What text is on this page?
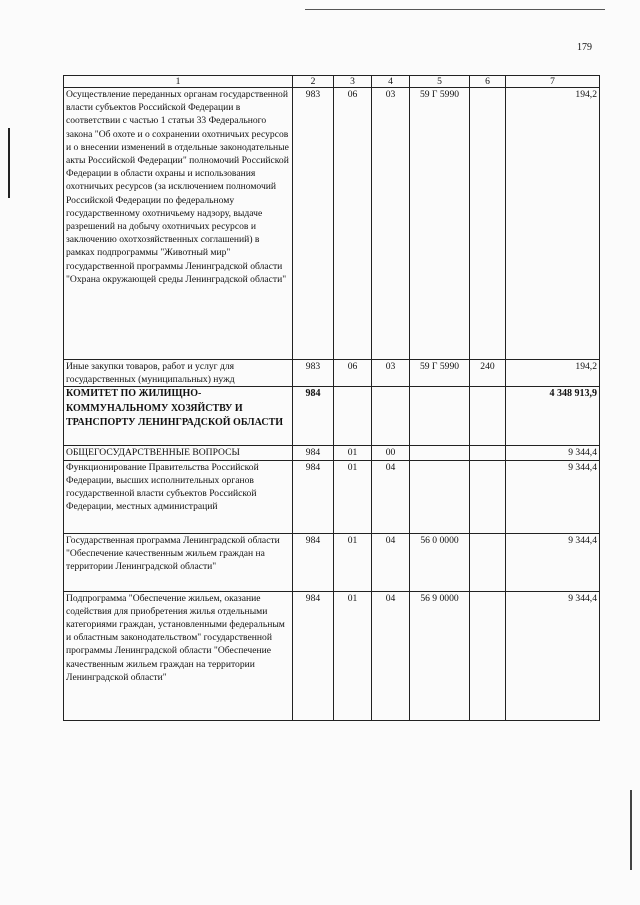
179
1	2	3	4	5	6	7
Осуществление переданных органам государственной власти субъектов Российской Федерации в соответствии с частью 1 статьи 33 Федерального закона "Об охоте и о сохранении охотничьих ресурсов и о внесении изменений в отдельные законодательные акты Российской Федерации" полномочий Российской Федерации в области охраны и использования охотничьих ресурсов (за исключением полномочий Российской Федерации по федеральному государственному охотничьему надзору, выдаче разрешений на добычу охотничьих ресурсов и заключению охотхозяйственных соглашений) в рамках подпрограммы "Животный мир" государственной программы Ленинградской области "Охрана окружающей среды Ленинградской области"	983	06	03	59 Г 5990		194,2
Иные закупки товаров, работ и услуг для государственных (муниципальных) нужд	983	06	03	59 Г 5990	240	194,2
КОМИТЕТ ПО ЖИЛИЩНО-КОММУНАЛЬНОМУ ХОЗЯЙСТВУ И ТРАНСПОРТУ ЛЕНИНГРАДСКОЙ ОБЛАСТИ	984					4 348 913,9
ОБЩЕГОСУДАРСТВЕННЫЕ ВОПРОСЫ	984	01	00			9 344,4
Функционирование Правительства Российской Федерации, высших исполнительных органов государственной власти субъектов Российской Федерации, местных администраций	984	01	04			9 344,4
Государственная программа Ленинградской области "Обеспечение качественным жильем граждан на территории Ленинградской области"	984	01	04	56 0 0000		9 344,4
Подпрограмма "Обеспечение жильем, оказание содействия для приобретения жилья отдельными категориями граждан, установленными федеральным и областным законодательством" государственной программы Ленинградской области "Обеспечение качественным жильем граждан на территории Ленинградской области"	984	01	04	56 9 0000		9 344,4
